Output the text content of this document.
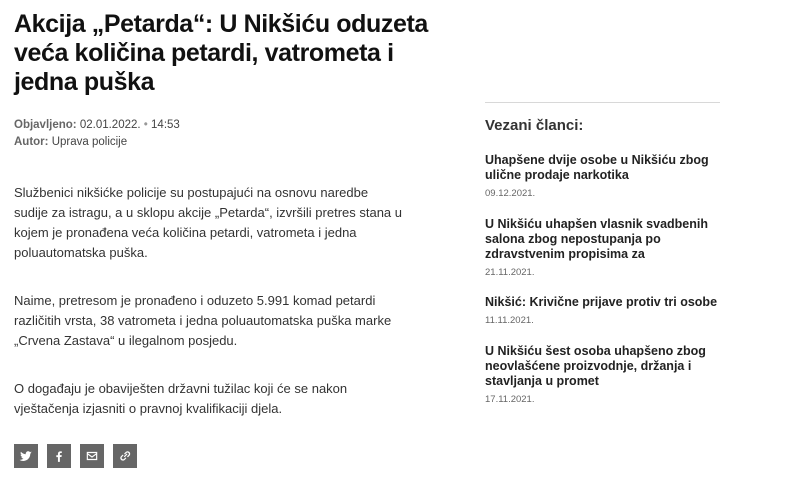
Akcija „Petarda“: U Nikšiću oduzeta veća količina petardi, vatrometa i jedna puška
Objavljeno: 02.01.2022. • 14:53
Autor: Uprava policije

Službenici nikšićke policije su postupajući na osnovu naredbe sudije za istragu, a u sklopu akcije „Petarda“, izvršili pretres stana u kojem je pronađena veća količina petardi, vatrometa i jedna poluautomatska puška.

Naime, pretresom je pronađeno i oduzeto 5.991 komad petardi različitih vrsta, 38 vatrometa i jedna poluautomatska puška marke „Crvena Zastava“ u ilegalnom posjedu.

O događaju je obaviješten državni tužilac koji će se nakon vještačenja izjasniti o pravnoj kvalifikaciji djela.

Vezani članci:
Uhapšene dvije osobe u Nikšiću zbog ulične prodaje narkotika
09.12.2021.
U Nikšiću uhapšen vlasnik svadbenih salona zbog nepostupanja po zdravstvenim propisima za
21.11.2021.
Nikšić: Krivične prijave protiv tri osobe
11.11.2021.
U Nikšiću šest osoba uhapšeno zbog neovlašćene proizvodnje, držanja i stavljanja u promet
17.11.2021.
